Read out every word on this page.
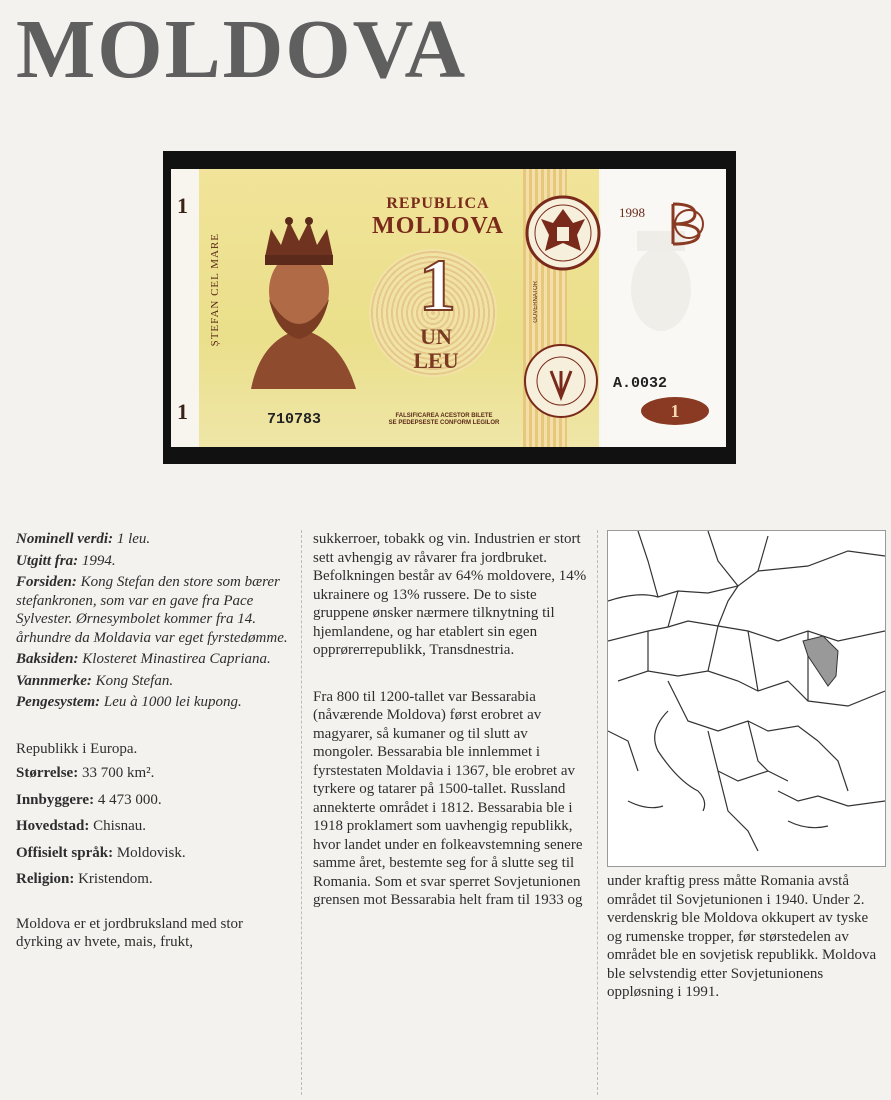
MOLDOVA
ȘTEFAN CEL MARE
1
1
REPUBLICA
MOLDOVA
1
UN
LEU
GUVERNATOR
1998
710783	FALSIFICAREA ACESTOR BILETE
SE PEDEPSESTE CONFORM LEGILOR
A.0032
1

Nominell verdi: 1 leu.

Utgitt fra: 1994.

Forsiden: Kong Stefan den store som bærer stefankronen, som var en gave fra Pace Sylvester. Ørnesymbolet kommer fra 14. århundre da Moldavia var eget fyrstedømme.

Baksiden: Klosteret Minastirea Capriana.

Vannmerke: Kong Stefan.

Pengesystem: Leu à 1000 lei kupong.

Republikk i Europa.

Størrelse: 33 700 km².

Innbyggere: 4 473 000.

Hovedstad: Chisnau.

Offisielt språk: Moldovisk.

Religion: Kristendom.

Moldova er et jordbruksland med stor dyrking av hvete, mais, frukt,

sukkerroer, tobakk og vin. Industrien er stort sett avhengig av råvarer fra jordbruket. Befolkningen består av 64% moldovere, 14% ukrainere og 13% russere. De to siste gruppene ønsker nærmere tilknytning til hjemlandene, og har etablert sin egen opprørerrepublikk, Transdnestria.

Fra 800 til 1200-tallet var Bessarabia (nåværende Moldova) først erobret av magyarer, så kumaner og til slutt av mongoler. Bessarabia ble innlemmet i fyrstestaten Moldavia i 1367, ble erobret av tyrkere og tatarer på 1500-tallet. Russland annekterte området i 1812. Bessarabia ble i 1918 proklamert som uavhengig republikk, hvor landet under en folkeavstemning senere samme året, bestemte seg for å slutte seg til Romania. Som et svar sperret Sovjetunionen grensen mot Bessarabia helt fram til 1933 og

under kraftig press måtte Romania avstå området til Sovjetunionen i 1940. Under 2. verdenskrig ble Moldova okkupert av tyske og rumenske tropper, før størstedelen av området ble en sovjetisk republikk. Moldova ble selvstendig etter Sovjetunionens oppløsning i 1991.
